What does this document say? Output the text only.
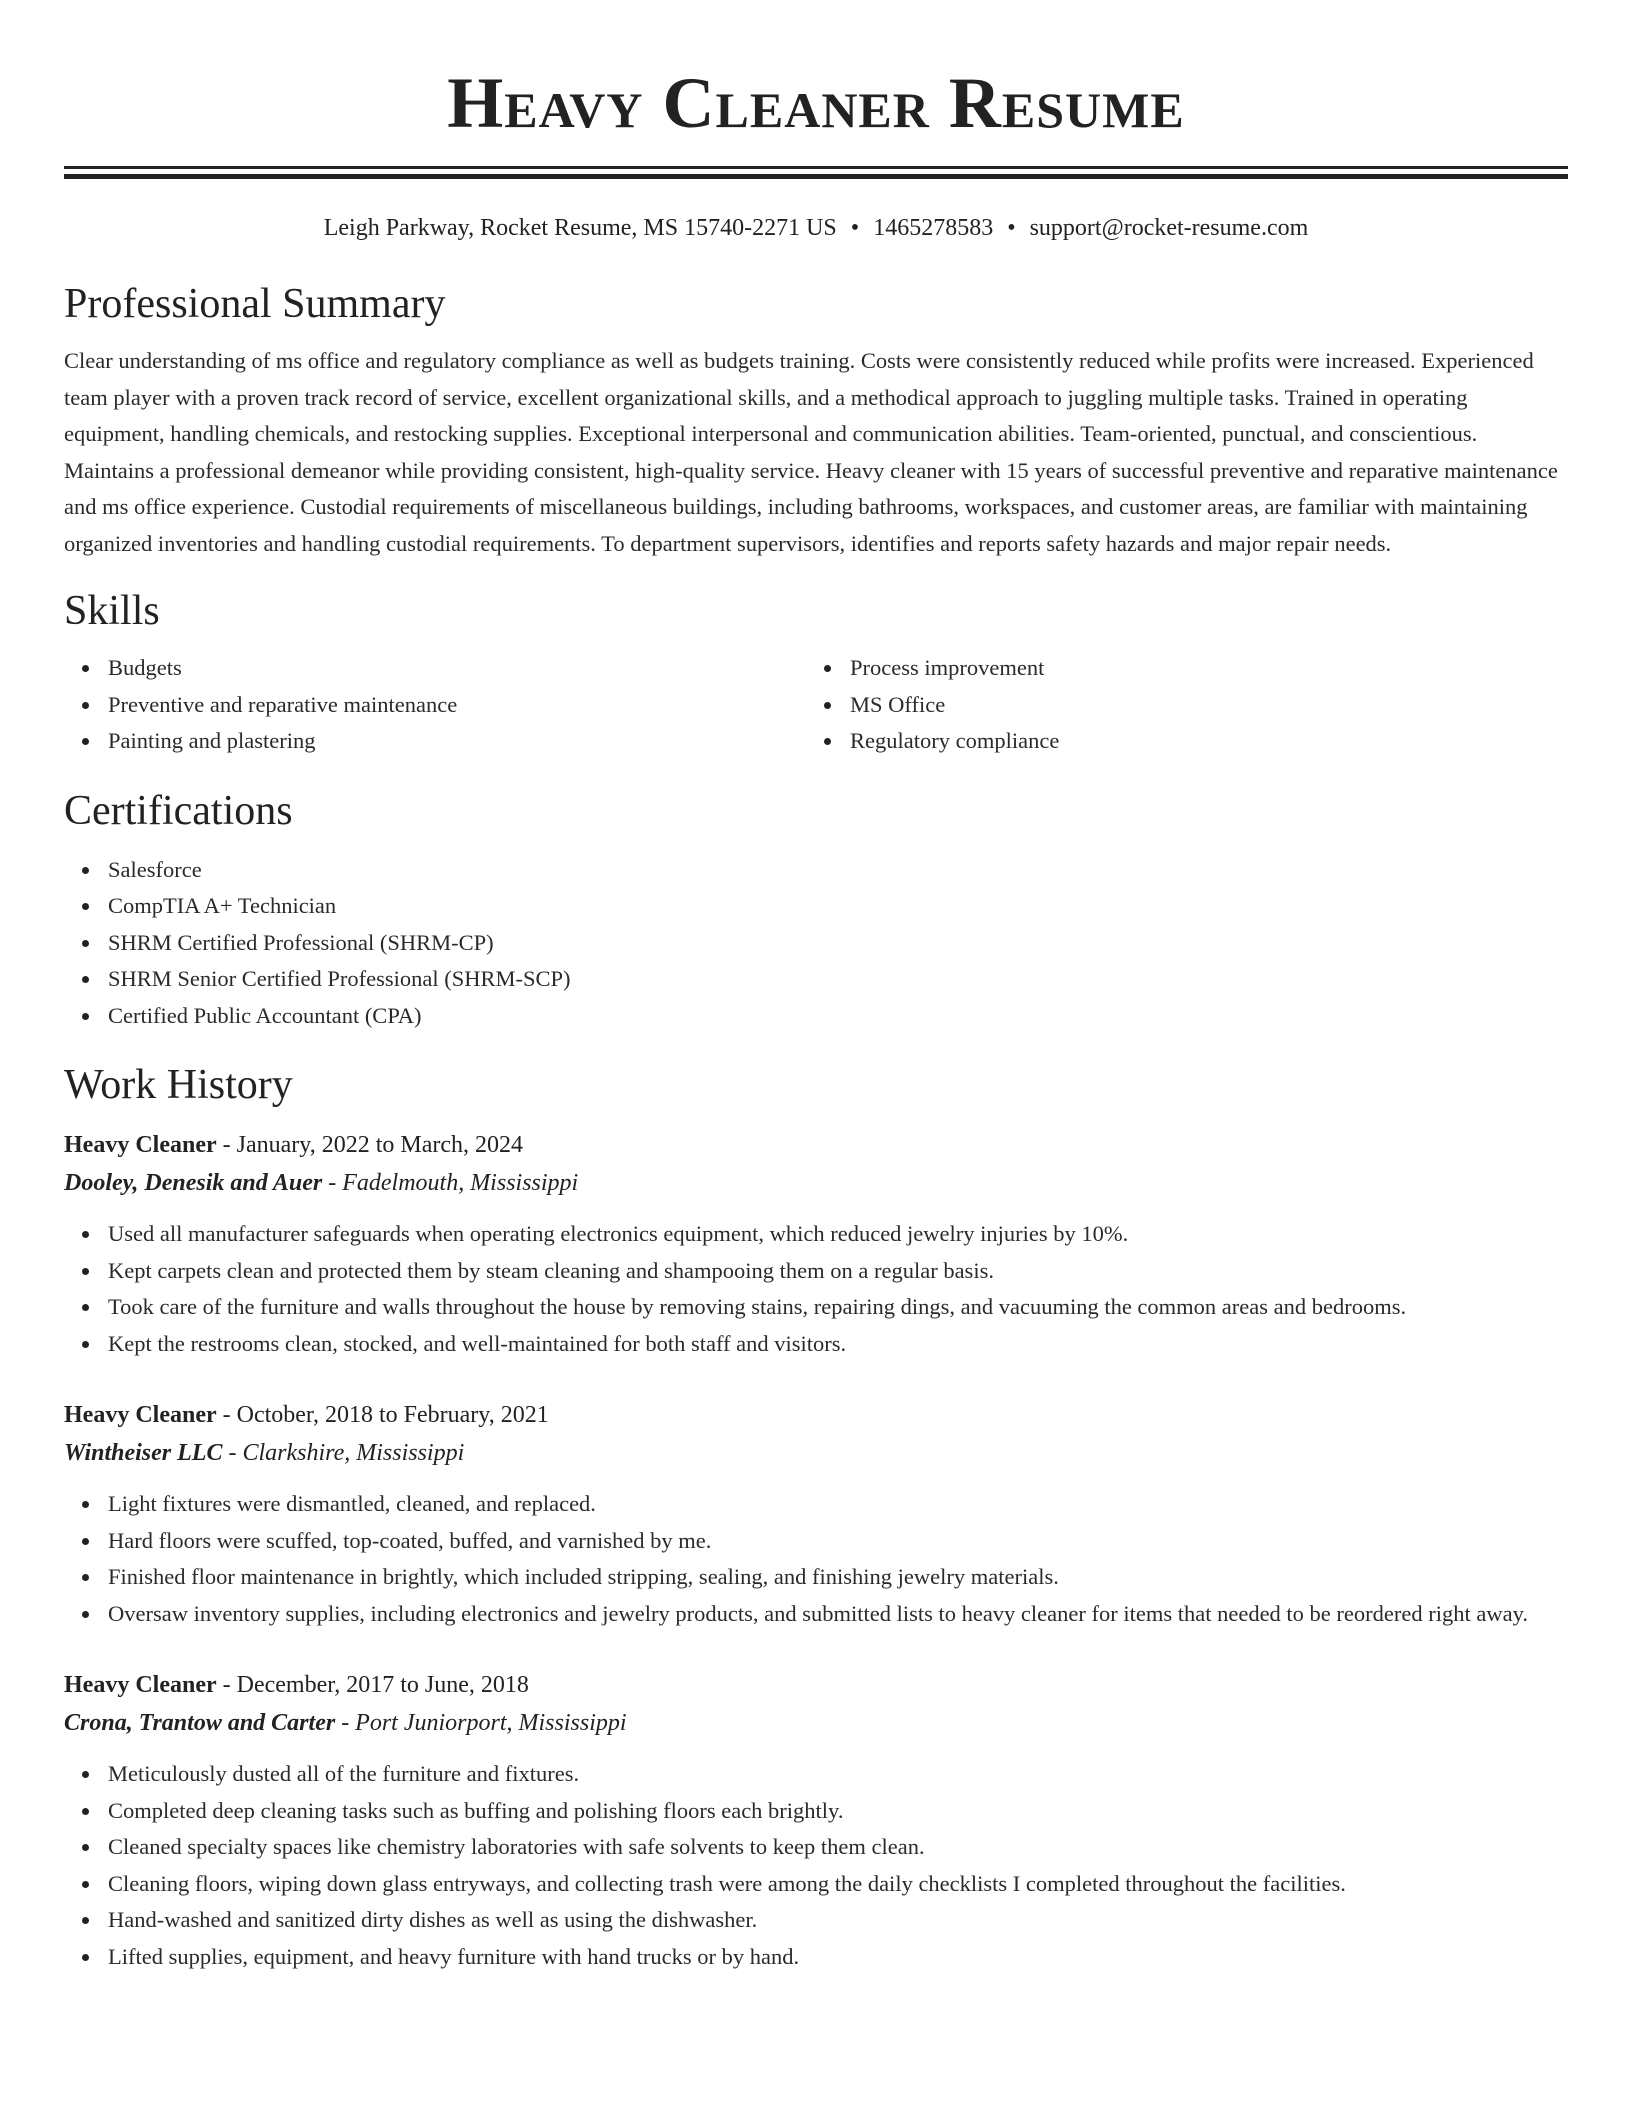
Heavy Cleaner Resume
Leigh Parkway, Rocket Resume, MS 15740-2271 US • 1465278583 • support@rocket-resume.com
Professional Summary

Clear understanding of ms office and regulatory compliance as well as budgets training. Costs were consistently reduced while profits were increased. Experienced team player with a proven track record of service, excellent organizational skills, and a methodical approach to juggling multiple tasks. Trained in operating equipment, handling chemicals, and restocking supplies. Exceptional interpersonal and communication abilities. Team-oriented, punctual, and conscientious. Maintains a professional demeanor while providing consistent, high-quality service. Heavy cleaner with 15 years of successful preventive and reparative maintenance and ms office experience. Custodial requirements of miscellaneous buildings, including bathrooms, workspaces, and customer areas, are familiar with maintaining organized inventories and handling custodial requirements. To department supervisors, identifies and reports safety hazards and major repair needs.

Skills
Budgets
Preventive and reparative maintenance
Painting and plastering
Process improvement
MS Office
Regulatory compliance
Certifications
Salesforce
CompTIA A+ Technician
SHRM Certified Professional (SHRM-CP)
SHRM Senior Certified Professional (SHRM-SCP)
Certified Public Accountant (CPA)
Work History
Heavy Cleaner - January, 2022 to March, 2024
Dooley, Denesik and Auer - Fadelmouth, Mississippi
Used all manufacturer safeguards when operating electronics equipment, which reduced jewelry injuries by 10%.
Kept carpets clean and protected them by steam cleaning and shampooing them on a regular basis.
Took care of the furniture and walls throughout the house by removing stains, repairing dings, and vacuuming the common areas and bedrooms.
Kept the restrooms clean, stocked, and well-maintained for both staff and visitors.
Heavy Cleaner - October, 2018 to February, 2021
Wintheiser LLC - Clarkshire, Mississippi
Light fixtures were dismantled, cleaned, and replaced.
Hard floors were scuffed, top-coated, buffed, and varnished by me.
Finished floor maintenance in brightly, which included stripping, sealing, and finishing jewelry materials.
Oversaw inventory supplies, including electronics and jewelry products, and submitted lists to heavy cleaner for items that needed to be reordered right away.
Heavy Cleaner - December, 2017 to June, 2018
Crona, Trantow and Carter - Port Juniorport, Mississippi
Meticulously dusted all of the furniture and fixtures.
Completed deep cleaning tasks such as buffing and polishing floors each brightly.
Cleaned specialty spaces like chemistry laboratories with safe solvents to keep them clean.
Cleaning floors, wiping down glass entryways, and collecting trash were among the daily checklists I completed throughout the facilities.
Hand-washed and sanitized dirty dishes as well as using the dishwasher.
Lifted supplies, equipment, and heavy furniture with hand trucks or by hand.
